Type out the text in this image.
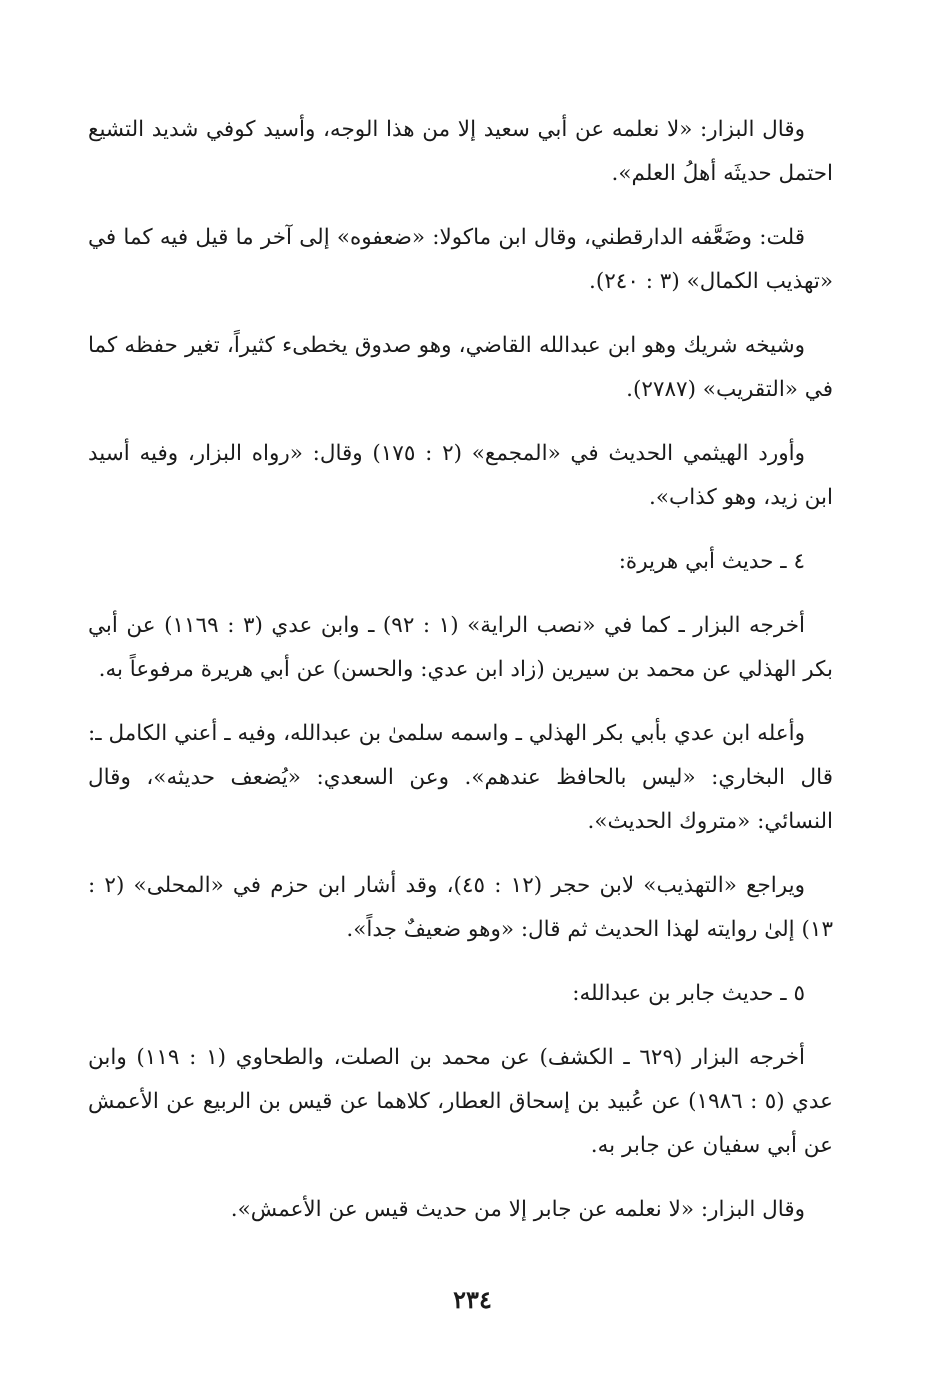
وقال البزار: «لا نعلمه عن أبي سعيد إلا من هذا الوجه، وأسيد كوفي شديد التشيع احتمل حديثَه أهلُ العلم».

قلت: وضَعَّفه الدارقطني، وقال ابن ماكولا: «ضعفوه» إلى آخر ما قيل فيه كما في «تهذيب الكمال» (٣ : ٢٤٠).

وشيخه شريك وهو ابن عبدالله القاضي، وهو صدوق يخطىء كثيراً، تغير حفظه كما في «التقريب» (٢٧٨٧).

وأورد الهيثمي الحديث في «المجمع» (٢ : ١٧٥) وقال: «رواه البزار، وفيه أسيد ابن زيد، وهو كذاب».

٤ ـ حديث أبي هريرة:

أخرجه البزار ـ كما في «نصب الراية» (١ : ٩٢) ـ وابن عدي (٣ : ١١٦٩) عن أبي بكر الهذلي عن محمد بن سيرين (زاد ابن عدي: والحسن) عن أبي هريرة مرفوعاً به.

وأعله ابن عدي بأبي بكر الهذلي ـ واسمه سلمىٰ بن عبدالله، وفيه ـ أعني الكامل ـ: قال البخاري: «ليس بالحافظ عندهم». وعن السعدي: «يُضعف حديثه»، وقال النسائي: «متروك الحديث».

ويراجع «التهذيب» لابن حجر (١٢ : ٤٥)، وقد أشار ابن حزم في «المحلى» (٢ : ١٣) إلىٰ روايته لهذا الحديث ثم قال: «وهو ضعيفٌ جداً».

٥ ـ حديث جابر بن عبدالله:

أخرجه البزار (٦٢٩ ـ الكشف) عن محمد بن الصلت، والطحاوي (١ : ١١٩) وابن عدي (٥ : ١٩٨٦) عن عُبيد بن إسحاق العطار، كلاهما عن قيس بن الربيع عن الأعمش عن أبي سفيان عن جابر به.

وقال البزار: «لا نعلمه عن جابر إلا من حديث قيس عن الأعمش».

٢٣٤
